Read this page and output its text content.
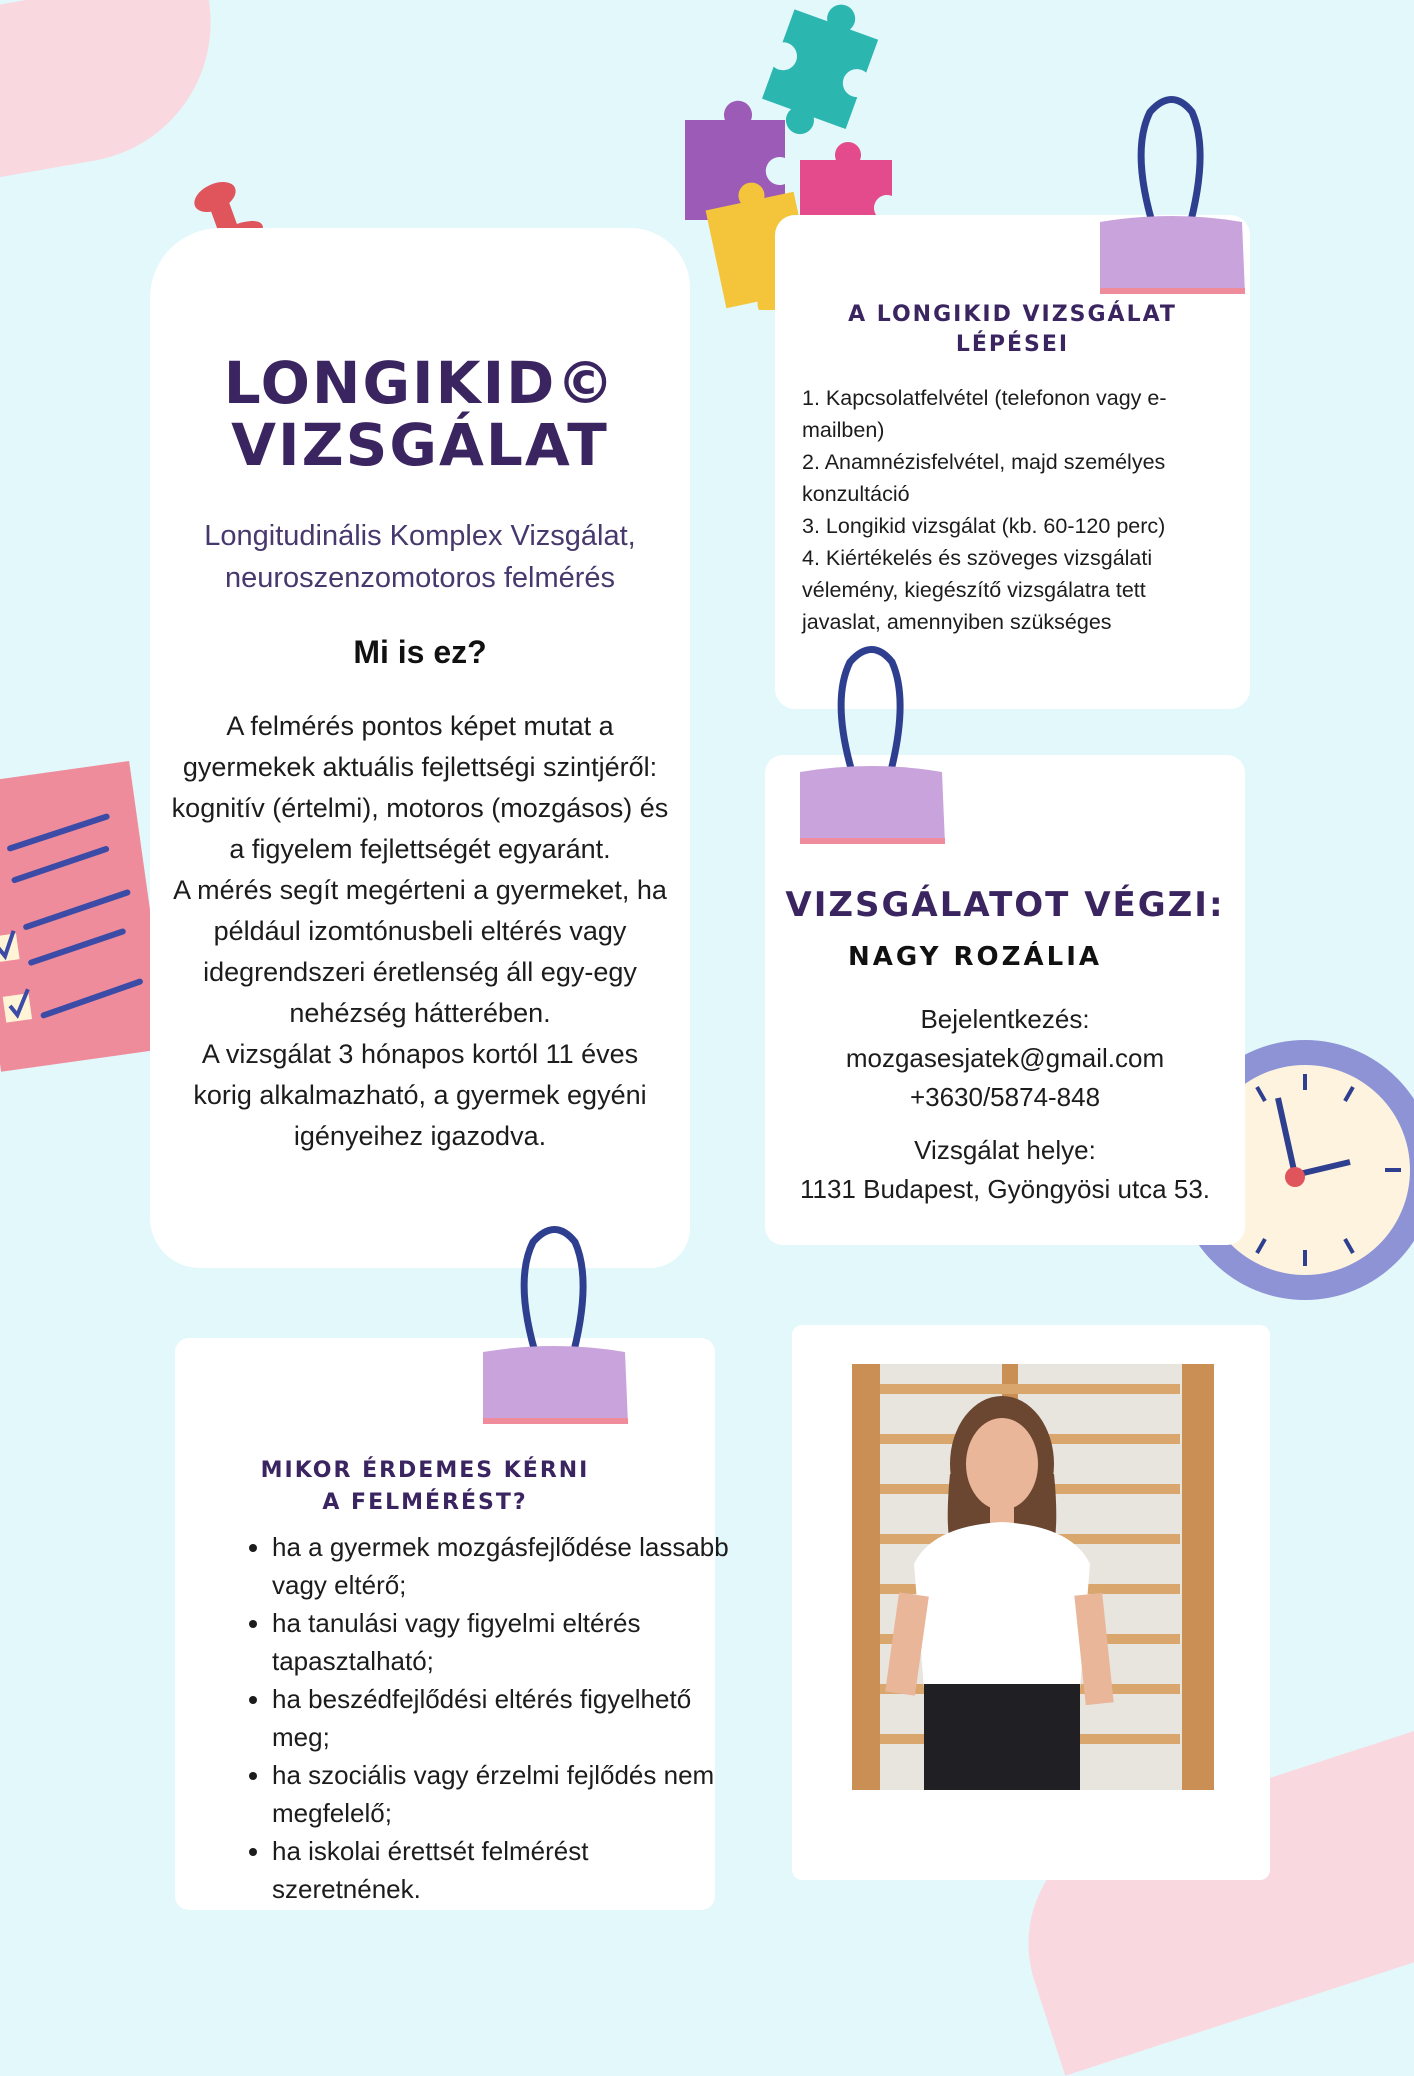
LONGIKID©
VIZSGÁLAT
Longitudinális Komplex Vizsgálat,
neuroszenzomotoros felmérés
Mi is ez?

A felmérés pontos képet mutat a gyermekek aktuális fejlettségi szintjéről: kognitív (értelmi), motoros (mozgásos) és a figyelem fejlettségét egyaránt.

A mérés segít megérteni a gyermeket, ha például izomtónusbeli eltérés vagy idegrendszeri éretlenség áll egy-egy nehézség hátterében.

A vizsgálat 3 hónapos kortól 11 éves korig alkalmazható, a gyermek egyéni igényeihez igazodva.

A LONGIKID VIZSGÁLAT
LÉPÉSEI
1. Kapcsolatfelvétel (telefonon vagy e-mailben)
2. Anamnézisfelvétel, majd személyes konzultáció
3. Longikid vizsgálat (kb. 60-120 perc)
4. Kiértékelés és szöveges vizsgálati vélemény, kiegészítő vizsgálatra tett javaslat, amennyiben szükséges
VIZSGÁLATOT VÉGZI:
NAGY ROZÁLIA

Bejelentkezés:

mozgasesjatek@gmail.com

+3630/5874-848

Vizsgálat helye:

1131 Budapest, Gyöngyösi utca 53.

MIKOR ÉRDEMES KÉRNI
A FELMÉRÉST?
• ha a gyermek mozgásfejlődése lassabb vagy eltérő;
• ha tanulási vagy figyelmi eltérés tapasztalható;
• ha beszédfejlődési eltérés figyelhető meg;
• ha szociális vagy érzelmi fejlődés nem megfelelő;
• ha iskolai érettsét felmérést szeretnének.
